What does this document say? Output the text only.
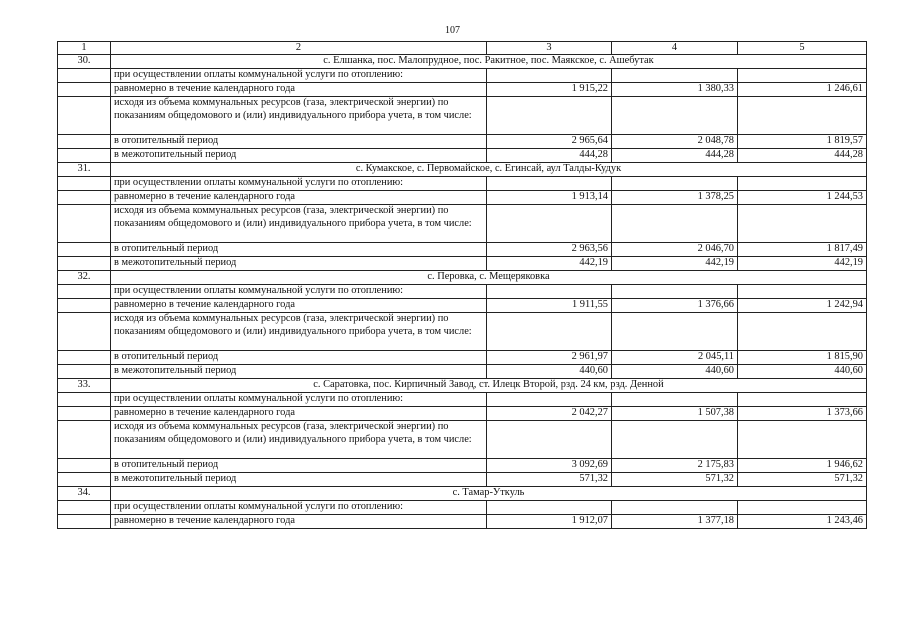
107
1	2	3	4	5
30.	с. Елшанка, пос. Малопрудное, пос. Ракитное, пос. Маякское, с. Ашебутак			
	при осуществлении оплаты коммунальной услуги по отоплению:			
	равномерно в течение календарного года	1 915,22	1 380,33	1 246,61
	исходя из объема коммунальных ресурсов (газа, электрической энергии) по показаниям общедомового и (или) индивидуального прибора учета, в том числе:			
	в отопительный период	2 965,64	2 048,78	1 819,57
	в межотопительный период	444,28	444,28	444,28
31.	с. Кумакское, с. Первомайское, с. Егинсай, аул Талды-Кудук			
	при осуществлении оплаты коммунальной услуги по отоплению:			
	равномерно в течение календарного года	1 913,14	1 378,25	1 244,53
	исходя из объема коммунальных ресурсов (газа, электрической энергии) по показаниям общедомового и (или) индивидуального прибора учета, в том числе:			
	в отопительный период	2 963,56	2 046,70	1 817,49
	в межотопительный период	442,19	442,19	442,19
32.	с. Перовка, с. Мещеряковка			
	при осуществлении оплаты коммунальной услуги по отоплению:			
	равномерно в течение календарного года	1 911,55	1 376,66	1 242,94
	исходя из объема коммунальных ресурсов (газа, электрической энергии) по показаниям общедомового и (или) индивидуального прибора учета, в том числе:			
	в отопительный период	2 961,97	2 045,11	1 815,90
	в межотопительный период	440,60	440,60	440,60
33.	с. Саратовка, пос. Кирпичный Завод, ст. Илецк Второй, рзд. 24 км, рзд. Денной			
	при осуществлении оплаты коммунальной услуги по отоплению:			
	равномерно в течение календарного года	2 042,27	1 507,38	1 373,66
	исходя из объема коммунальных ресурсов (газа, электрической энергии) по показаниям общедомового и (или) индивидуального прибора учета, в том числе:			
	в отопительный период	3 092,69	2 175,83	1 946,62
	в межотопительный период	571,32	571,32	571,32
34.	с. Тамар-Уткуль			
	при осуществлении оплаты коммунальной услуги по отоплению:			
	равномерно в течение календарного года	1 912,07	1 377,18	1 243,46
